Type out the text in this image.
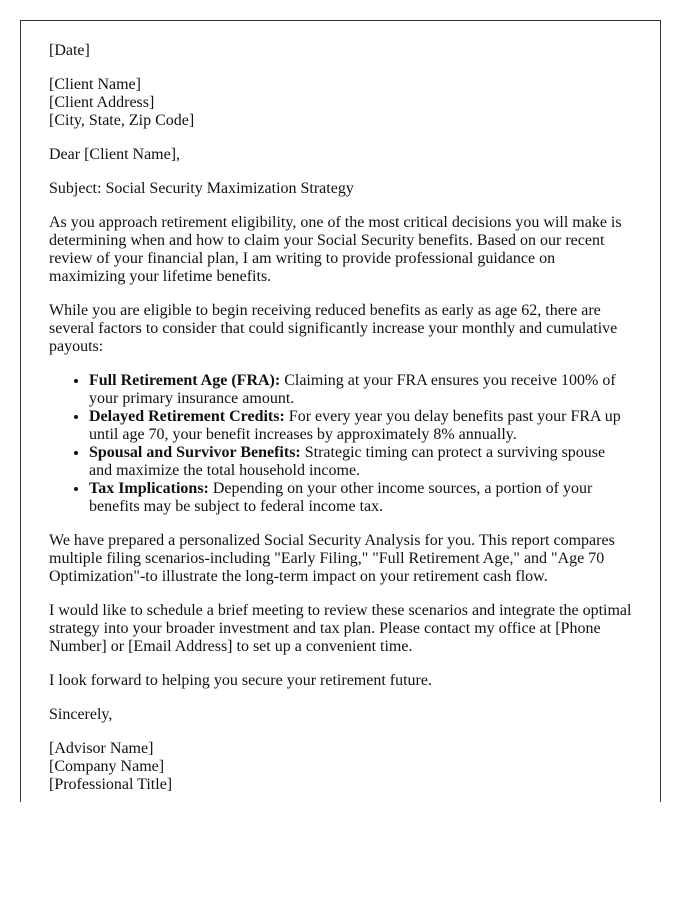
[Date]

[Client Name]
[Client Address]
[City, State, Zip Code]

Dear [Client Name],

Subject: Social Security Maximization Strategy

As you approach retirement eligibility, one of the most critical decisions you will make is determining when and how to claim your Social Security benefits. Based on our recent review of your financial plan, I am writing to provide professional guidance on maximizing your lifetime benefits.

While you are eligible to begin receiving reduced benefits as early as age 62, there are several factors to consider that could significantly increase your monthly and cumulative payouts:

• Full Retirement Age (FRA): Claiming at your FRA ensures you receive 100% of your primary insurance amount.
• Delayed Retirement Credits: For every year you delay benefits past your FRA up until age 70, your benefit increases by approximately 8% annually.
• Spousal and Survivor Benefits: Strategic timing can protect a surviving spouse and maximize the total household income.
• Tax Implications: Depending on your other income sources, a portion of your benefits may be subject to federal income tax.

We have prepared a personalized Social Security Analysis for you. This report compares multiple filing scenarios-including "Early Filing," "Full Retirement Age," and "Age 70 Optimization"-to illustrate the long-term impact on your retirement cash flow.

I would like to schedule a brief meeting to review these scenarios and integrate the optimal strategy into your broader investment and tax plan. Please contact my office at [Phone Number] or [Email Address] to set up a convenient time.

I look forward to helping you secure your retirement future.

Sincerely,

[Advisor Name]
[Company Name]
[Professional Title]
